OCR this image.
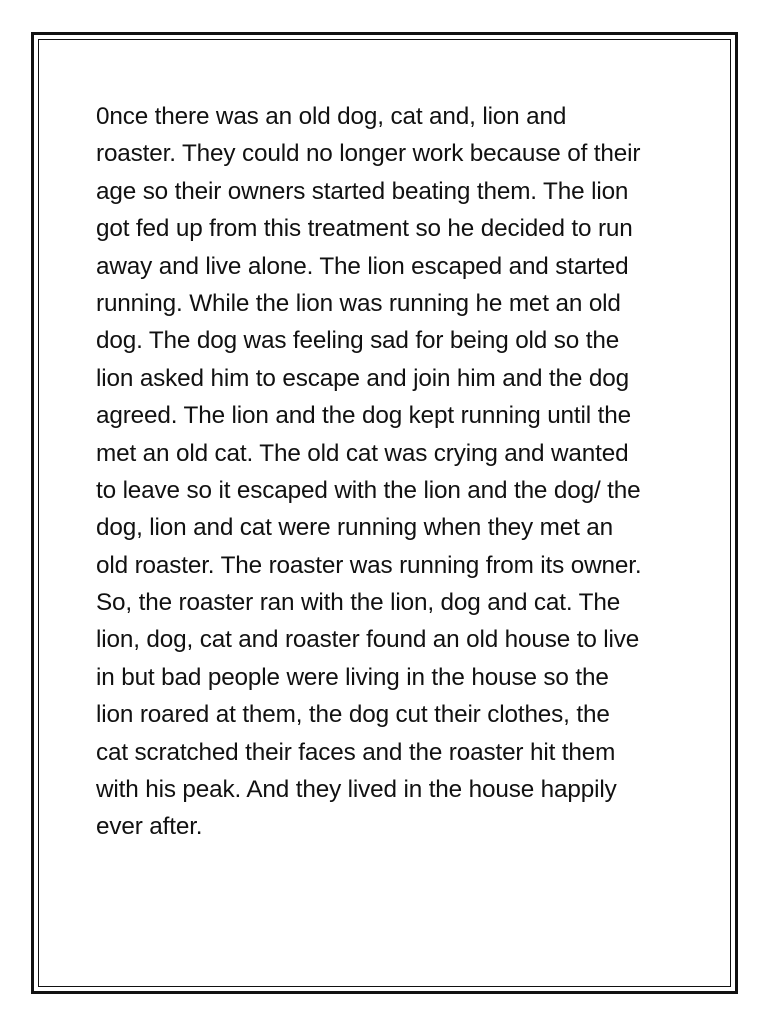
0nce there was an old dog, cat and, lion and
roaster. They could no longer work because of their
age so their owners started beating them. The lion
got fed up from this treatment so he decided to run
away and live alone. The lion escaped and started
running. While the lion was running he met an old
dog. The dog was feeling sad for being old so the
lion asked him to escape and join him and the dog
agreed. The lion and the dog kept running until the
met an old cat. The old cat was crying and wanted
to leave so it escaped with the lion and the dog/ the
dog, lion and cat were running when they met an
old roaster. The roaster was running from its owner.
So, the roaster ran with the lion, dog and cat. The
lion, dog, cat and roaster found an old house to live
in but bad people were living in the house so the
lion roared at them, the dog cut their clothes, the
cat scratched their faces and the roaster hit them
with his peak. And they lived in the house happily
ever after.
